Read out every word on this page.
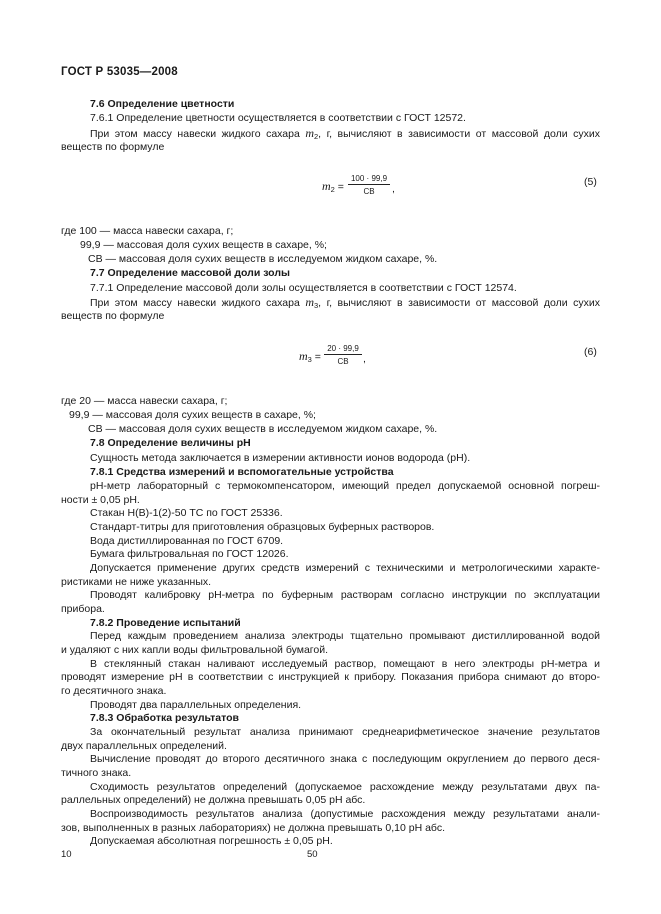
ГОСТ Р 53035—2008
7.6 Определение цветности
7.6.1 Определение цветности осуществляется в соответствии с ГОСТ 12572.
При этом массу навески жидкого сахара $m_2$, г, вычисляют в зависимости от массовой доли сухих
веществ по формуле
$m_2$ =
100 · 99,9
СВ	,
(5)
где 100 — масса навески сахара, г;
99,9 — массовая доля сухих веществ в сахаре, %;
СВ — массовая доля сухих веществ в исследуемом жидком сахаре, %.
7.7 Определение массовой доли золы
7.7.1 Определение массовой доли золы осуществляется в соответствии с ГОСТ 12574.
При этом массу навески жидкого сахара $m_3$, г, вычисляют в зависимости от массовой доли сухих
веществ по формуле
$m_3$ =
20 · 99,9
СВ	,
(6)
где 20 — масса навески сахара, г;
99,9 — массовая доля сухих веществ в сахаре, %;
СВ — массовая доля сухих веществ в исследуемом жидком сахаре, %.
7.8 Определение величины pH
Сущность метода заключается в измерении активности ионов водорода (pH).
7.8.1 Средства измерений и вспомогательные устройства
pH-метр лабораторный с термокомпенсатором, имеющий предел допускаемой основной погреш-
ности ± 0,05 pH.
Стакан Н(В)-1(2)-50 ТС по ГОСТ 25336.
Стандарт-титры для приготовления образцовых буферных растворов.
Вода дистиллированная по ГОСТ 6709.
Бумага фильтровальная по ГОСТ 12026.
Допускается применение других средств измерений с техническими и метрологическими характе-
ристиками не ниже указанных.
Проводят калибровку pH-метра по буферным растворам согласно инструкции по эксплуатации
прибора.
7.8.2 Проведение испытаний
Перед каждым проведением анализа электроды тщательно промывают дистиллированной водой
и удаляют с них капли воды фильтровальной бумагой.
В стеклянный стакан наливают исследуемый раствор, помещают в него электроды pH-метра и
проводят измерение pH в соответствии с инструкцией к прибору. Показания прибора снимают до второ-
го десятичного знака.
Проводят два параллельных определения.
7.8.3 Обработка результатов
За окончательный результат анализа принимают среднеарифметическое значение результатов
двух параллельных определений.
Вычисление проводят до второго десятичного знака с последующим округлением до первого деся-
тичного знака.
Сходимость результатов определений (допускаемое расхождение между результатами двух па-
раллельных определений) не должна превышать 0,05 pH абс.
Воспроизводимость результатов анализа (допустимые расхождения между результатами анали-
зов, выполненных в разных лабораториях) не должна превышать 0,10 pH абс.
Допускаемая абсолютная погрешность ± 0,05 pH.
10	50
